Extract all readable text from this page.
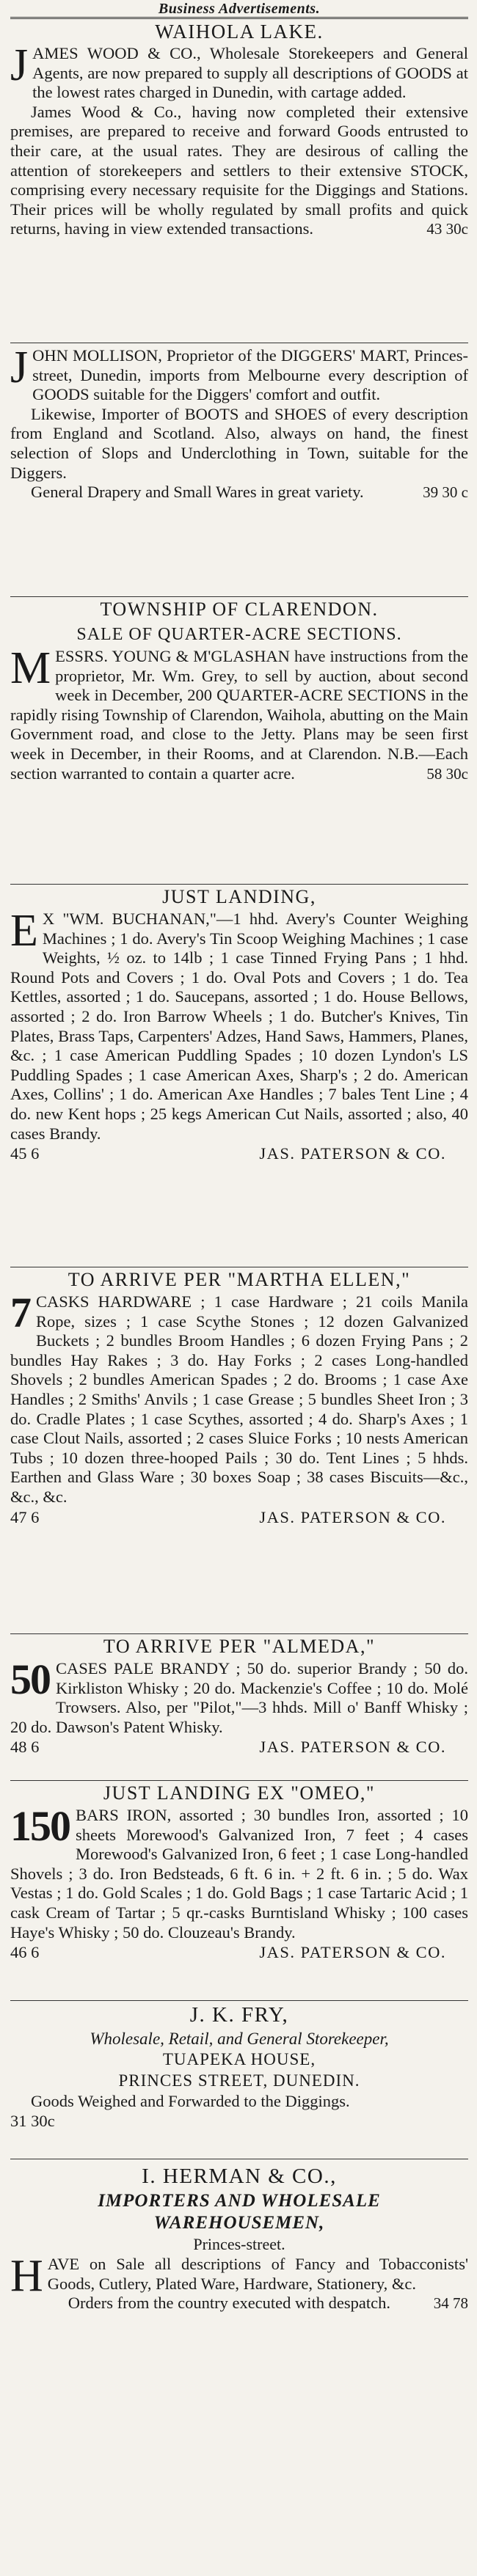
Business Advertisements.
WAIHOLA LAKE.

JAMES WOOD & CO., Wholesale Storekeepers and General Agents, are now prepared to supply all descriptions of GOODS at the lowest rates charged in Dunedin, with cartage added.

James Wood & Co., having now completed their extensive premises, are prepared to receive and forward Goods entrusted to their care, at the usual rates. They are desirous of calling the attention of storekeepers and settlers to their extensive STOCK, comprising every necessary requisite for the Diggings and Stations. Their prices will be wholly regulated by small profits and quick returns, having in view extended transactions.	43 30c

JOHN MOLLISON, Proprietor of the DIGGERS' MART, Princes-street, Dunedin, imports from Melbourne every description of GOODS suitable for the Diggers' comfort and outfit.

Likewise, Importer of BOOTS and SHOES of every description from England and Scotland. Also, always on hand, the finest selection of Slops and Underclothing in Town, suitable for the Diggers.

General Drapery and Small Wares in great variety.	39 30 c

TOWNSHIP OF CLARENDON.
SALE OF QUARTER-ACRE SECTIONS.

MESSRS. YOUNG & M'GLASHAN have instructions from the proprietor, Mr. Wm. Grey, to sell by auction, about second week in December, 200 QUARTER-ACRE SECTIONS in the rapidly rising Township of Clarendon, Waihola, abutting on the Main Government road, and close to the Jetty. Plans may be seen first week in December, in their Rooms, and at Clarendon. N.B.—Each section warranted to contain a quarter acre.	58 30c

JUST LANDING,

E X "WM. BUCHANAN,"—1 hhd. Avery's Counter Weighing Machines ; 1 do. Avery's Tin Scoop Weighing Machines ; 1 case Weights, ½ oz. to 14lb ; 1 case Tinned Frying Pans ; 1 hhd. Round Pots and Covers ; 1 do. Oval Pots and Covers ; 1 do. Tea Kettles, assorted ; 1 do. Saucepans, assorted ; 1 do. House Bellows, assorted ; 2 do. Iron Barrow Wheels ; 1 do. Butcher's Knives, Tin Plates, Brass Taps, Carpenters' Adzes, Hand Saws, Hammers, Planes, &c. ; 1 case American Puddling Spades ; 10 dozen Lyndon's LS Puddling Spades ; 1 case American Axes, Sharp's ; 2 do. American Axes, Collins' ; 1 do. American Axe Handles ; 7 bales Tent Line ; 4 do. new Kent hops ; 25 kegs American Cut Nails, assorted ; also, 40 cases Brandy.

45 6	JAS. PATERSON & CO.
TO ARRIVE PER "MARTHA ELLEN,"

7 CASKS HARDWARE ; 1 case Hardware ; 21 coils Manila Rope, sizes ; 1 case Scythe Stones ; 12 dozen Galvanized Buckets ; 2 bundles Broom Handles ; 6 dozen Frying Pans ; 2 bundles Hay Rakes ; 3 do. Hay Forks ; 2 cases Long-handled Shovels ; 2 bundles American Spades ; 2 do. Brooms ; 1 case Axe Handles ; 2 Smiths' Anvils ; 1 case Grease ; 5 bundles Sheet Iron ; 3 do. Cradle Plates ; 1 case Scythes, assorted ; 4 do. Sharp's Axes ; 1 case Clout Nails, assorted ; 2 cases Sluice Forks ; 10 nests American Tubs ; 10 dozen three-hooped Pails ; 30 do. Tent Lines ; 5 hhds. Earthen and Glass Ware ; 30 boxes Soap ; 38 cases Biscuits—&c., &c., &c.

47 6	JAS. PATERSON & CO.
TO ARRIVE PER "ALMEDA,"

50 CASES PALE BRANDY ; 50 do. superior Brandy ; 50 do. Kirkliston Whisky ; 20 do. Mackenzie's Coffee ; 10 do. Molé Trowsers. Also, per "Pilot,"—3 hhds. Mill o' Banff Whisky ; 20 do. Dawson's Patent Whisky.

48 6	JAS. PATERSON & CO.
JUST LANDING EX "OMEO,"

150 BARS IRON, assorted ; 30 bundles Iron, assorted ; 10 sheets Morewood's Galvanized Iron, 7 feet ; 4 cases Morewood's Galvanized Iron, 6 feet ; 1 case Long-handled Shovels ; 3 do. Iron Bedsteads, 6 ft. 6 in. + 2 ft. 6 in. ; 5 do. Wax Vestas ; 1 do. Gold Scales ; 1 do. Gold Bags ; 1 case Tartaric Acid ; 1 cask Cream of Tartar ; 5 qr.-casks Burntisland Whisky ; 100 cases Haye's Whisky ; 50 do. Clouzeau's Brandy.

46 6	JAS. PATERSON & CO.
J. K. FRY,
Wholesale, Retail, and General Storekeeper,
TUAPEKA HOUSE,
PRINCES STREET, DUNEDIN.

Goods Weighed and Forwarded to the Diggings.

31 30c

I. HERMAN & CO.,
IMPORTERS AND WHOLESALE
WAREHOUSEMEN,
Princes-street.

HAVE on Sale all descriptions of Fancy and Tobacconists' Goods, Cutlery, Plated Ware, Hardware, Stationery, &c.

Orders from the country executed with despatch.	34 78
